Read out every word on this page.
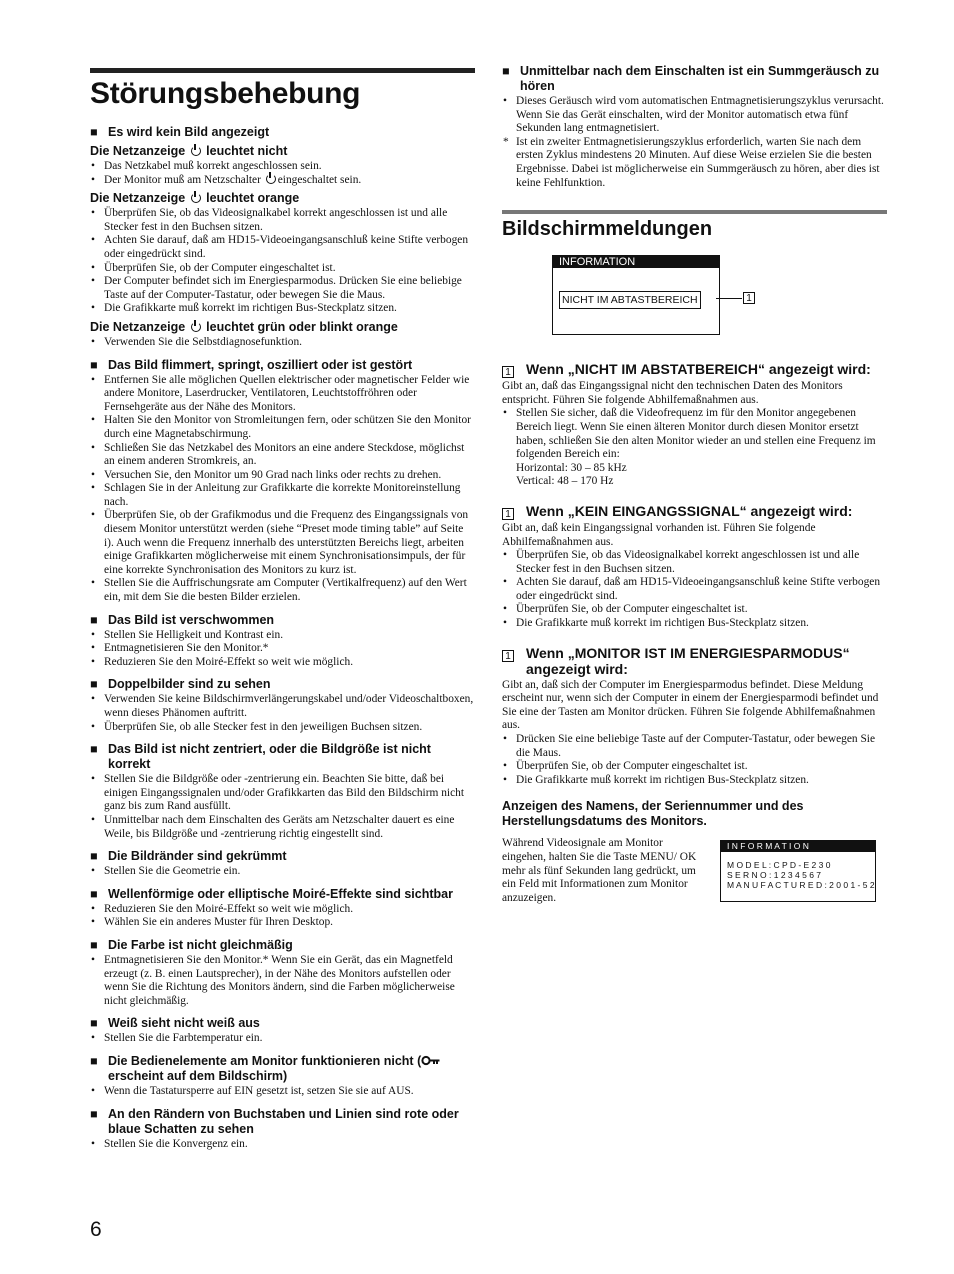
Störungsbehebung
■ Es wird kein Bild angezeigt
Die Netzanzeige leuchtet nicht
• Das Netzkabel muß korrekt angeschlossen sein.
• Der Monitor muß am Netzschalter eingeschaltet sein.
Die Netzanzeige leuchtet orange
• Überprüfen Sie, ob das Videosignalkabel korrekt angeschlossen ist und alle Stecker fest in den Buchsen sitzen.
• Achten Sie darauf, daß am HD15-Videoeingangsanschluß keine Stifte verbogen oder eingedrückt sind.
• Überprüfen Sie, ob der Computer eingeschaltet ist.
• Der Computer befindet sich im Energiesparmodus. Drücken Sie eine beliebige Taste auf der Computer-Tastatur, oder bewegen Sie die Maus.
• Die Grafikkarte muß korrekt im richtigen Bus-Steckplatz sitzen.
Die Netzanzeige leuchtet grün oder blinkt orange
• Verwenden Sie die Selbstdiagnosefunktion.
■ Das Bild flimmert, springt, oszilliert oder ist gestört
• Entfernen Sie alle möglichen Quellen elektrischer oder magnetischer Felder wie andere Monitore, Laserdrucker, Ventilatoren, Leuchtstoffröhren oder Fernsehgeräte aus der Nähe des Monitors.
• Halten Sie den Monitor von Stromleitungen fern, oder schützen Sie den Monitor durch eine Magnetabschirmung.
• Schließen Sie das Netzkabel des Monitors an eine andere Steckdose, möglichst an einem anderen Stromkreis, an.
• Versuchen Sie, den Monitor um 90 Grad nach links oder rechts zu drehen.
• Schlagen Sie in der Anleitung zur Grafikkarte die korrekte Monitoreinstellung nach.
• Überprüfen Sie, ob der Grafikmodus und die Frequenz des Eingangssignals von diesem Monitor unterstützt werden (siehe “Preset mode timing table” auf Seite i). Auch wenn die Frequenz innerhalb des unterstützten Bereichs liegt, arbeiten einige Grafikkarten möglicherweise mit einem Synchronisationsimpuls, der für eine korrekte Synchronisation des Monitors zu kurz ist.
• Stellen Sie die Auffrischungsrate am Computer (Vertikalfrequenz) auf den Wert ein, mit dem Sie die besten Bilder erzielen.
■ Das Bild ist verschwommen
• Stellen Sie Helligkeit und Kontrast ein.
• Entmagnetisieren Sie den Monitor.*
• Reduzieren Sie den Moiré-Effekt so weit wie möglich.
■ Doppelbilder sind zu sehen
• Verwenden Sie keine Bildschirmverlängerungskabel und/oder Videoschaltboxen, wenn dieses Phänomen auftritt.
• Überprüfen Sie, ob alle Stecker fest in den jeweiligen Buchsen sitzen.
■ Das Bild ist nicht zentriert, oder die Bildgröße ist nicht korrekt
• Stellen Sie die Bildgröße oder -zentrierung ein. Beachten Sie bitte, daß bei einigen Eingangssignalen und/oder Grafikkarten das Bild den Bildschirm nicht ganz bis zum Rand ausfüllt.
• Unmittelbar nach dem Einschalten des Geräts am Netzschalter dauert es eine Weile, bis Bildgröße und -zentrierung richtig eingestellt sind.
■ Die Bildränder sind gekrümmt
• Stellen Sie die Geometrie ein.
■ Wellenförmige oder elliptische Moiré-Effekte sind sichtbar
• Reduzieren Sie den Moiré-Effekt so weit wie möglich.
• Wählen Sie ein anderes Muster für Ihren Desktop.
■ Die Farbe ist nicht gleichmäßig
• Entmagnetisieren Sie den Monitor.* Wenn Sie ein Gerät, das ein Magnetfeld erzeugt (z. B. einen Lautsprecher), in der Nähe des Monitors aufstellen oder wenn Sie die Richtung des Monitors ändern, sind die Farben möglicherweise nicht gleichmäßig.
■ Weiß sieht nicht weiß aus
• Stellen Sie die Farbtemperatur ein.
■ Die Bedienelemente am Monitor funktionieren nicht ( erscheint auf dem Bildschirm)
• Wenn die Tastatursperre auf EIN gesetzt ist, setzen Sie sie auf AUS.
■ An den Rändern von Buchstaben und Linien sind rote oder blaue Schatten zu sehen
• Stellen Sie die Konvergenz ein.
■ Unmittelbar nach dem Einschalten ist ein Summgeräusch zu hören
• Dieses Geräusch wird vom automatischen Entmagnetisierungszyklus verursacht. Wenn Sie das Gerät einschalten, wird der Monitor automatisch etwa fünf Sekunden lang entmagnetisiert.
* Ist ein zweiter Entmagnetisierungszyklus erforderlich, warten Sie nach dem ersten Zyklus mindestens 20 Minuten. Auf diese Weise erzielen Sie die besten Ergebnisse. Dabei ist möglicherweise ein Summgeräusch zu hören, aber dies ist keine Fehlfunktion.
Bildschirmmeldungen
INFORMATION
NICHT IM ABTASTBEREICH	1
1	Wenn „NICHT IM ABSTATBEREICH“ angezeigt wird:

Gibt an, daß das Eingangssignal nicht den technischen Daten des Monitors entspricht. Führen Sie folgende Abhilfemaßnahmen aus.

• Stellen Sie sicher, daß die Videofrequenz im für den Monitor angegebenen Bereich liegt. Wenn Sie einen älteren Monitor durch diesen Monitor ersetzt haben, schließen Sie den alten Monitor wieder an und stellen eine Frequenz im folgenden Bereich ein:

Horizontal: 30 – 85 kHz

Vertical: 48 – 170 Hz

1	Wenn „KEIN EINGANGSSIGNAL“ angezeigt wird:

Gibt an, daß kein Eingangssignal vorhanden ist. Führen Sie folgende Abhilfemaßnahmen aus.

• Überprüfen Sie, ob das Videosignalkabel korrekt angeschlossen ist und alle Stecker fest in den Buchsen sitzen.
• Achten Sie darauf, daß am HD15-Videoeingangsanschluß keine Stifte verbogen oder eingedrückt sind.
• Überprüfen Sie, ob der Computer eingeschaltet ist.
• Die Grafikkarte muß korrekt im richtigen Bus-Steckplatz sitzen.
1	Wenn „MONITOR IST IM ENERGIESPARMODUS“ angezeigt wird:

Gibt an, daß sich der Computer im Energiesparmodus befindet. Diese Meldung erscheint nur, wenn sich der Computer in einem der Energiesparmodi befindet und Sie eine der Tasten am Monitor drücken. Führen Sie folgende Abhilfemaßnahmen aus.

• Drücken Sie eine beliebige Taste auf der Computer-Tastatur, oder bewegen Sie die Maus.
• Überprüfen Sie, ob der Computer eingeschaltet ist.
• Die Grafikkarte muß korrekt im richtigen Bus-Steckplatz sitzen.
Anzeigen des Namens, der Seriennummer und des Herstellungsdatums des Monitors.

Während Videosignale am Monitor eingehen, halten Sie die Taste MENU/ OK mehr als fünf Sekunden lang gedrückt, um ein Feld mit Informationen zum Monitor anzuzeigen.

I N F O R M A T I O N
M O D E L : C P D - E 2 3 0
S E R N O : 1 2 3 4 5 6 7
M A N U F A C T U R E D : 2 0 0 1 - 5 2
6
